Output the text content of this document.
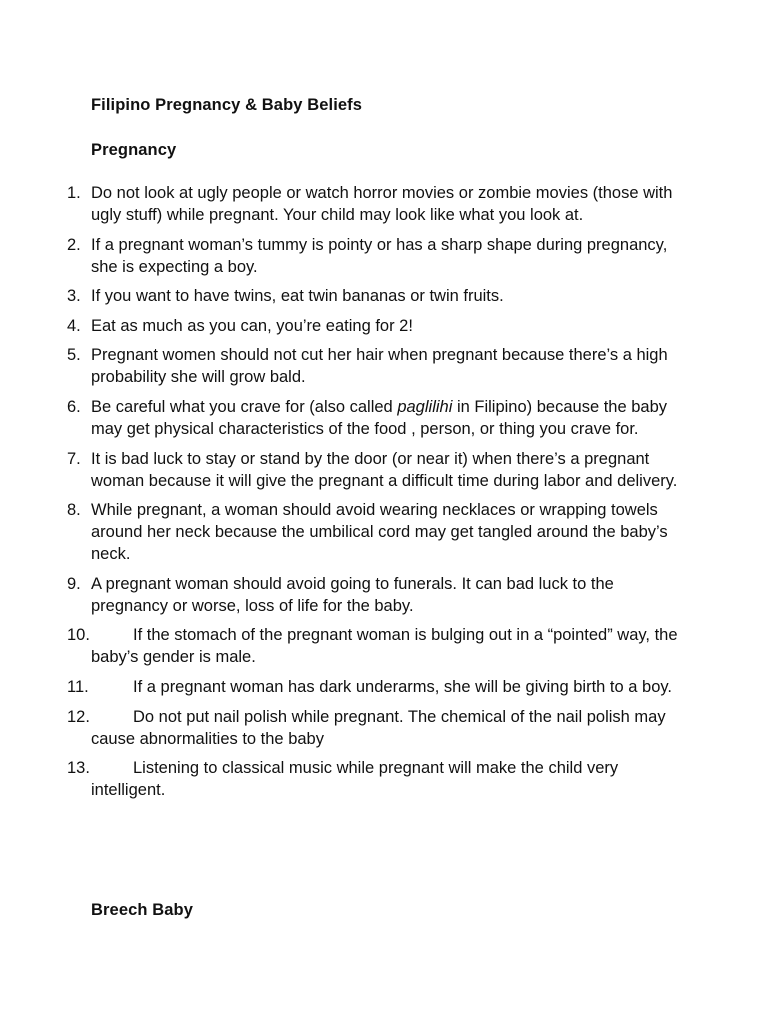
Filipino Pregnancy & Baby Beliefs
Pregnancy
1. Do not look at ugly people or watch horror movies or zombie movies (those with ugly stuff) while pregnant. Your child may look like what you look at.
2. If a pregnant woman’s tummy is pointy or has a sharp shape during pregnancy, she is expecting a boy.
3. If you want to have twins, eat twin bananas or twin fruits.
4. Eat as much as you can, you’re eating for 2!
5. Pregnant women should not cut her hair when pregnant because there’s a high probability she will grow bald.
6. Be careful what you crave for (also called paglilihi in Filipino) because the baby may get physical characteristics of the food , person, or thing you crave for.
7. It is bad luck to stay or stand by the door (or near it) when there’s a pregnant woman because it will give the pregnant a difficult time during labor and delivery.
8. While pregnant, a woman should avoid wearing necklaces or wrapping towels around her neck because the umbilical cord may get tangled around the baby’s neck.
9. A pregnant woman should avoid going to funerals. It can bad luck to the pregnancy or worse, loss of life for the baby.
10.	If the stomach of the pregnant woman is bulging out in a “pointed” way, the baby’s gender is male.
11.	If a pregnant woman has dark underarms, she will be giving birth to a boy.
12.	Do not put nail polish while pregnant. The chemical of the nail polish may cause abnormalities to the baby
13.	Listening to classical music while pregnant will make the child very intelligent.
Breech Baby
